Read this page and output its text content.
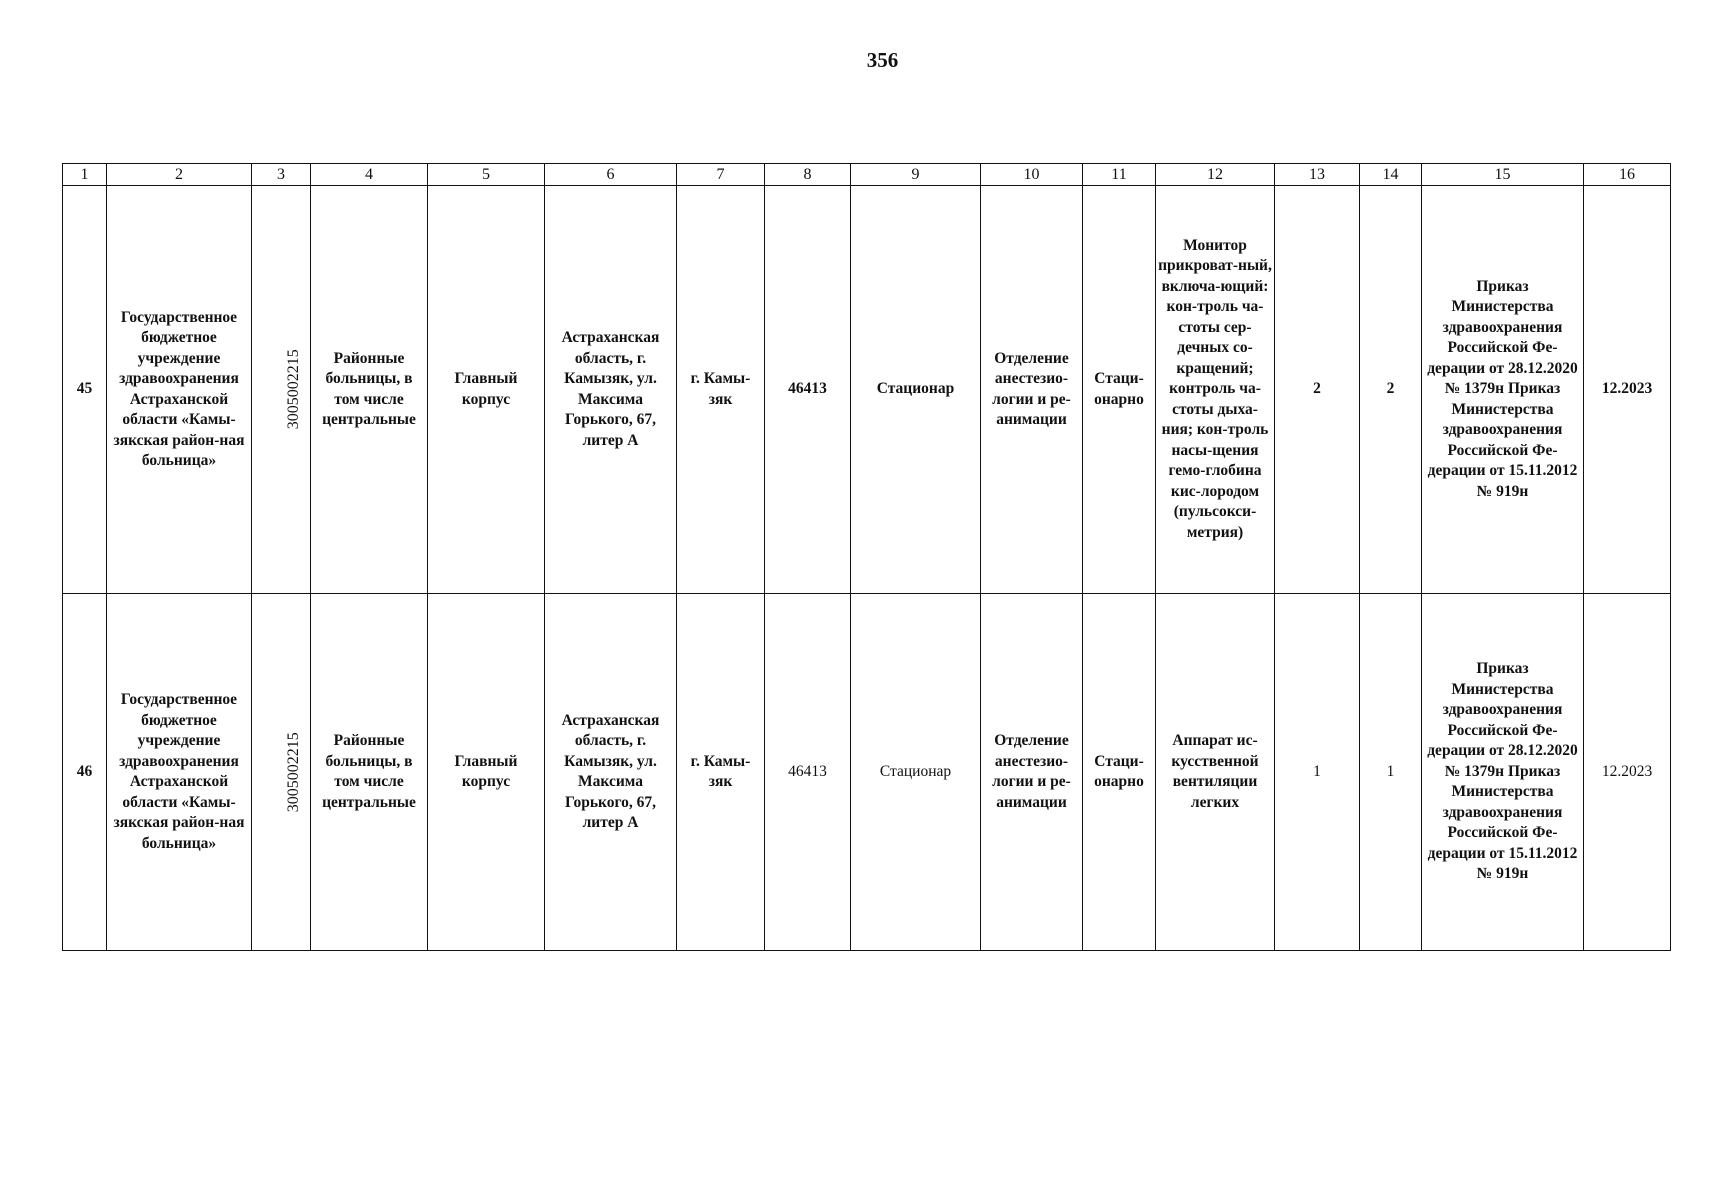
356
1	2	3	4	5	6	7	8	9	10	11	12	13	14	15	16
45	Государственное бюджетное учреждение здравоохранения Астраханской области «Камы-зякская район-ная больница»	3005002215	Районные больницы, в том числе центральные	Главный корпус	Астраханская область, г. Камызяк, ул. Максима Горького, 67, литер А	г. Камы-зяк	46413	Стационар	Отделение анестезио-логии и ре-анимации	Стаци-онарно	Монитор прикроват-ный, включа-ющий: кон-троль ча-стоты сер-дечных со-кращений; контроль ча-стоты дыха-ния; кон-троль насы-щения гемо-глобина кис-лородом (пульсокси-метрия)	2	2	Приказ Министерства здравоохранения Российской Фе-дерации от 28.12.2020 № 1379н Приказ Министерства здравоохранения Российской Фе-дерации от 15.11.2012 № 919н	12.2023
46	Государственное бюджетное учреждение здравоохранения Астраханской области «Камы-зякская район-ная больница»	3005002215	Районные больницы, в том числе центральные	Главный корпус	Астраханская область, г. Камызяк, ул. Максима Горького, 67, литер А	г. Камы-зяк	46413	Стационар	Отделение анестезио-логии и ре-анимации	Стаци-онарно	Аппарат ис-кусственной вентиляции легких	1	1	Приказ Министерства здравоохранения Российской Фе-дерации от 28.12.2020 № 1379н Приказ Министерства здравоохранения Российской Фе-дерации от 15.11.2012 № 919н	12.2023
